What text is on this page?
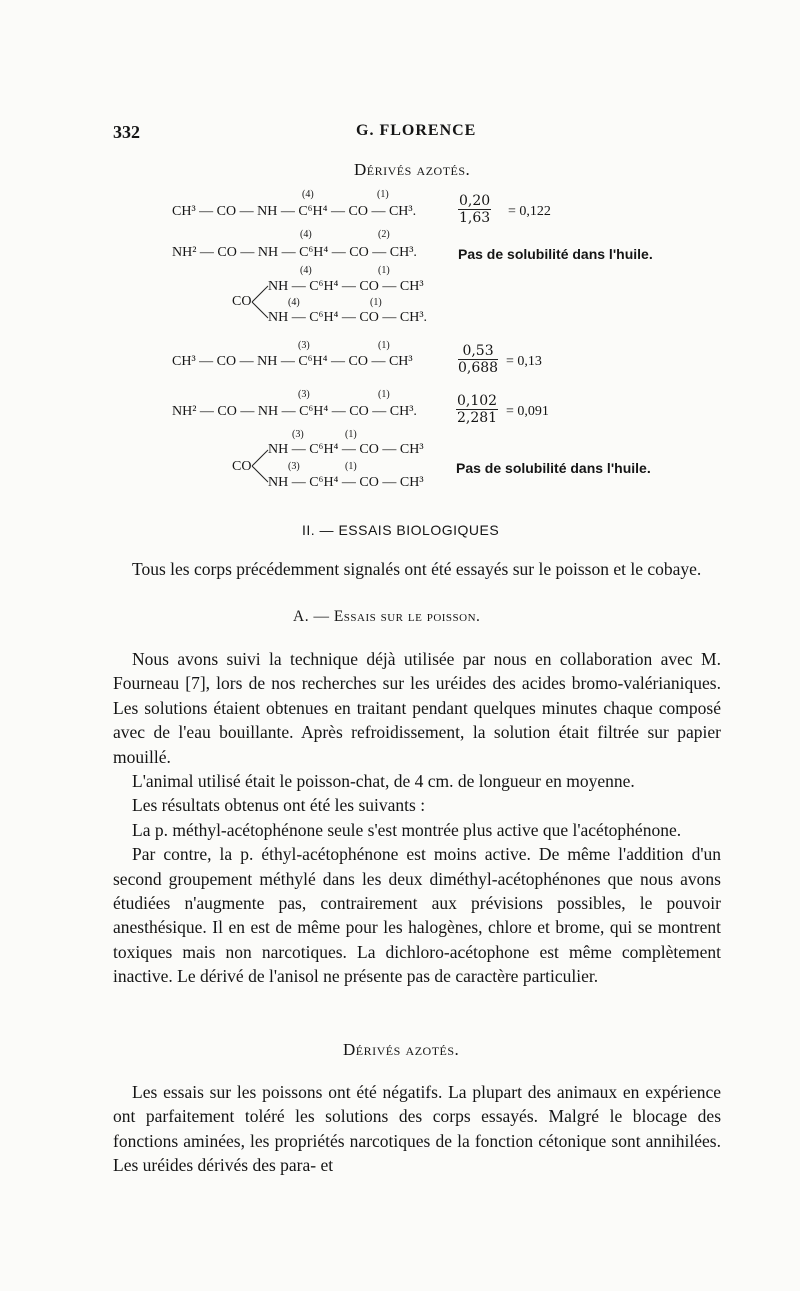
332	G. FLORENCE
Dérivés azotés.
(4)	(1)
CH³ — CO — NH — C⁶H⁴ — CO — CH³.	$\frac{0,20}{1,63} = 0,122$
(4)	(2)
NH² — CO — NH — C⁶H⁴ — CO — CH³.	Pas de solubilité dans l'huile.
(4)	(1)
NH — C⁶H⁴ — CO — CH³
CO	(4)	(1)
NH — C⁶H⁴ — CO — CH³.
(3)	(1)
CH³ — CO — NH — C⁶H⁴ — CO — CH³	$\frac{0,53}{0,688} = 0,13$
(3)	(1)
NH² — CO — NH — C⁶H⁴ — CO — CH³.	$\frac{0,102}{2,281} = 0,091$
(3)	(1)
NH — C⁶H⁴ — CO — CH³
CO	(3)	(1)	Pas de solubilité dans l'huile.
NH — C⁶H⁴ — CO — CH³
II. — ESSAIS BIOLOGIQUES

Tous les corps précédemment signalés ont été essayés sur le poisson et le cobaye.

A. — Essais sur le poisson.

Nous avons suivi la technique déjà utilisée par nous en collaboration avec M. Fourneau [7], lors de nos recherches sur les uréides des acides bromo-valérianiques. Les solutions étaient obtenues en traitant pendant quelques minutes chaque composé avec de l'eau bouillante. Après refroidissement, la solution était filtrée sur papier mouillé.

L'animal utilisé était le poisson-chat, de 4 cm. de longueur en moyenne.

Les résultats obtenus ont été les suivants :

La p. méthyl-acétophénone seule s'est montrée plus active que l'acétophénone.

Par contre, la p. éthyl-acétophénone est moins active. De même l'addition d'un second groupement méthylé dans les deux diméthyl-acétophénones que nous avons étudiées n'augmente pas, contrairement aux prévisions possibles, le pouvoir anesthésique. Il en est de même pour les halogènes, chlore et brome, qui se montrent toxiques mais non narcotiques. La dichloro-acétophone est même complètement inactive. Le dérivé de l'anisol ne présente pas de caractère particulier.

Dérivés azotés.

Les essais sur les poissons ont été négatifs. La plupart des animaux en expérience ont parfaitement toléré les solutions des corps essayés. Malgré le blocage des fonctions aminées, les propriétés narcotiques de la fonction cétonique sont annihilées. Les uréides dérivés des para- et
